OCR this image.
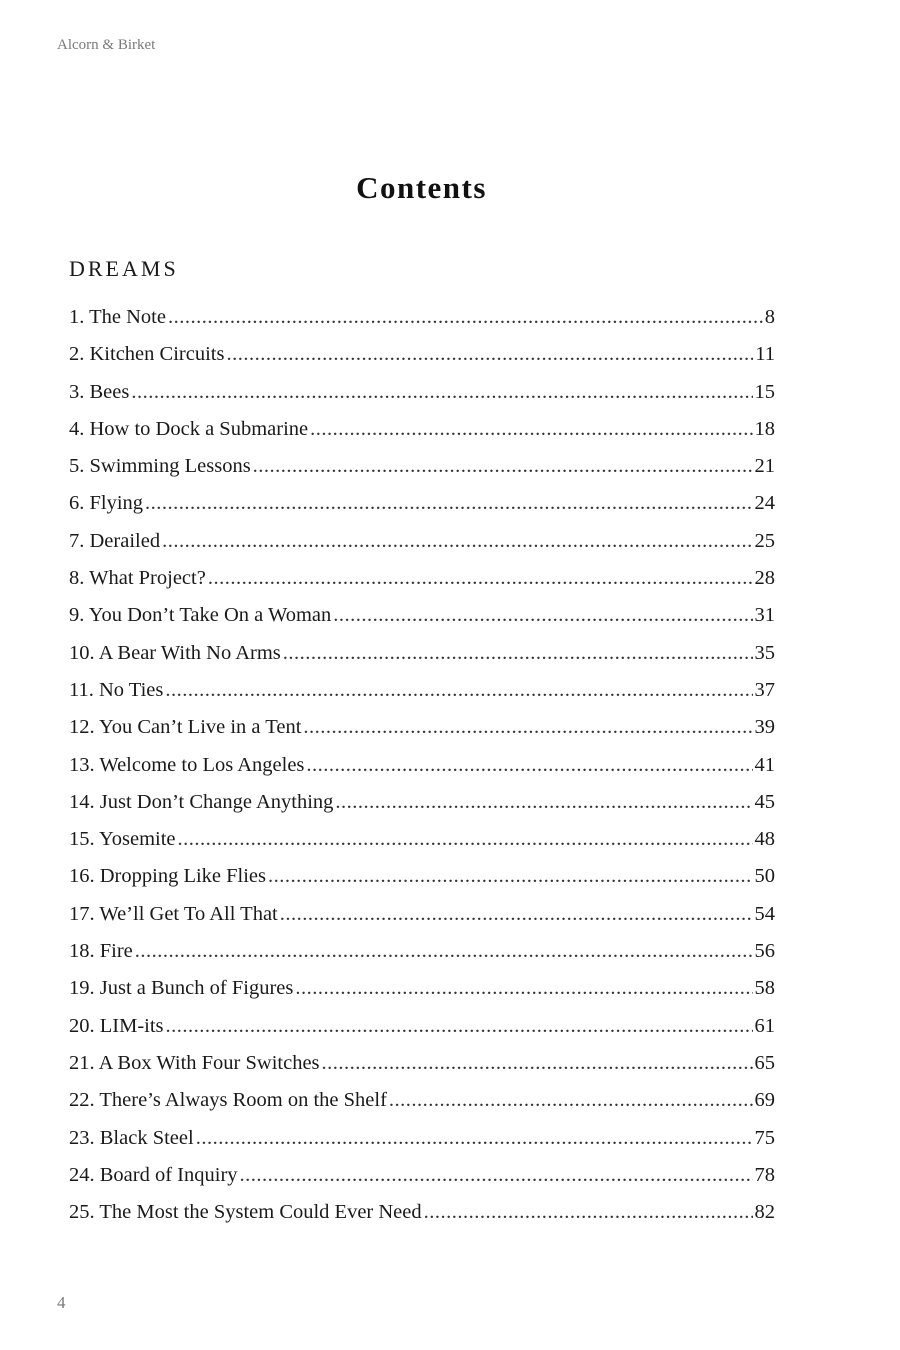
Alcorn & Birket
Contents
DREAMS
1. The Note .....	8
2. Kitchen Circuits .....	11
3. Bees .....	15
4. How to Dock a Submarine .....	18
5. Swimming Lessons .....	21
6. Flying .....	24
7. Derailed .....	25
8. What Project? .....	28
9. You Don’t Take On a Woman .....	31
10. A Bear With No Arms .....	35
11. No Ties .....	37
12. You Can’t Live in a Tent .....	39
13. Welcome to Los Angeles .....	41
14. Just Don’t Change Anything .....	45
15. Yosemite .....	48
16. Dropping Like Flies .....	50
17. We’ll Get To All That .....	54
18. Fire .....	56
19. Just a Bunch of Figures .....	58
20. LIM-its .....	61
21. A Box With Four Switches .....	65
22. There’s Always Room on the Shelf .....	69
23. Black Steel .....	75
24. Board of Inquiry .....	78
25. The Most the System Could Ever Need .....	82
4
